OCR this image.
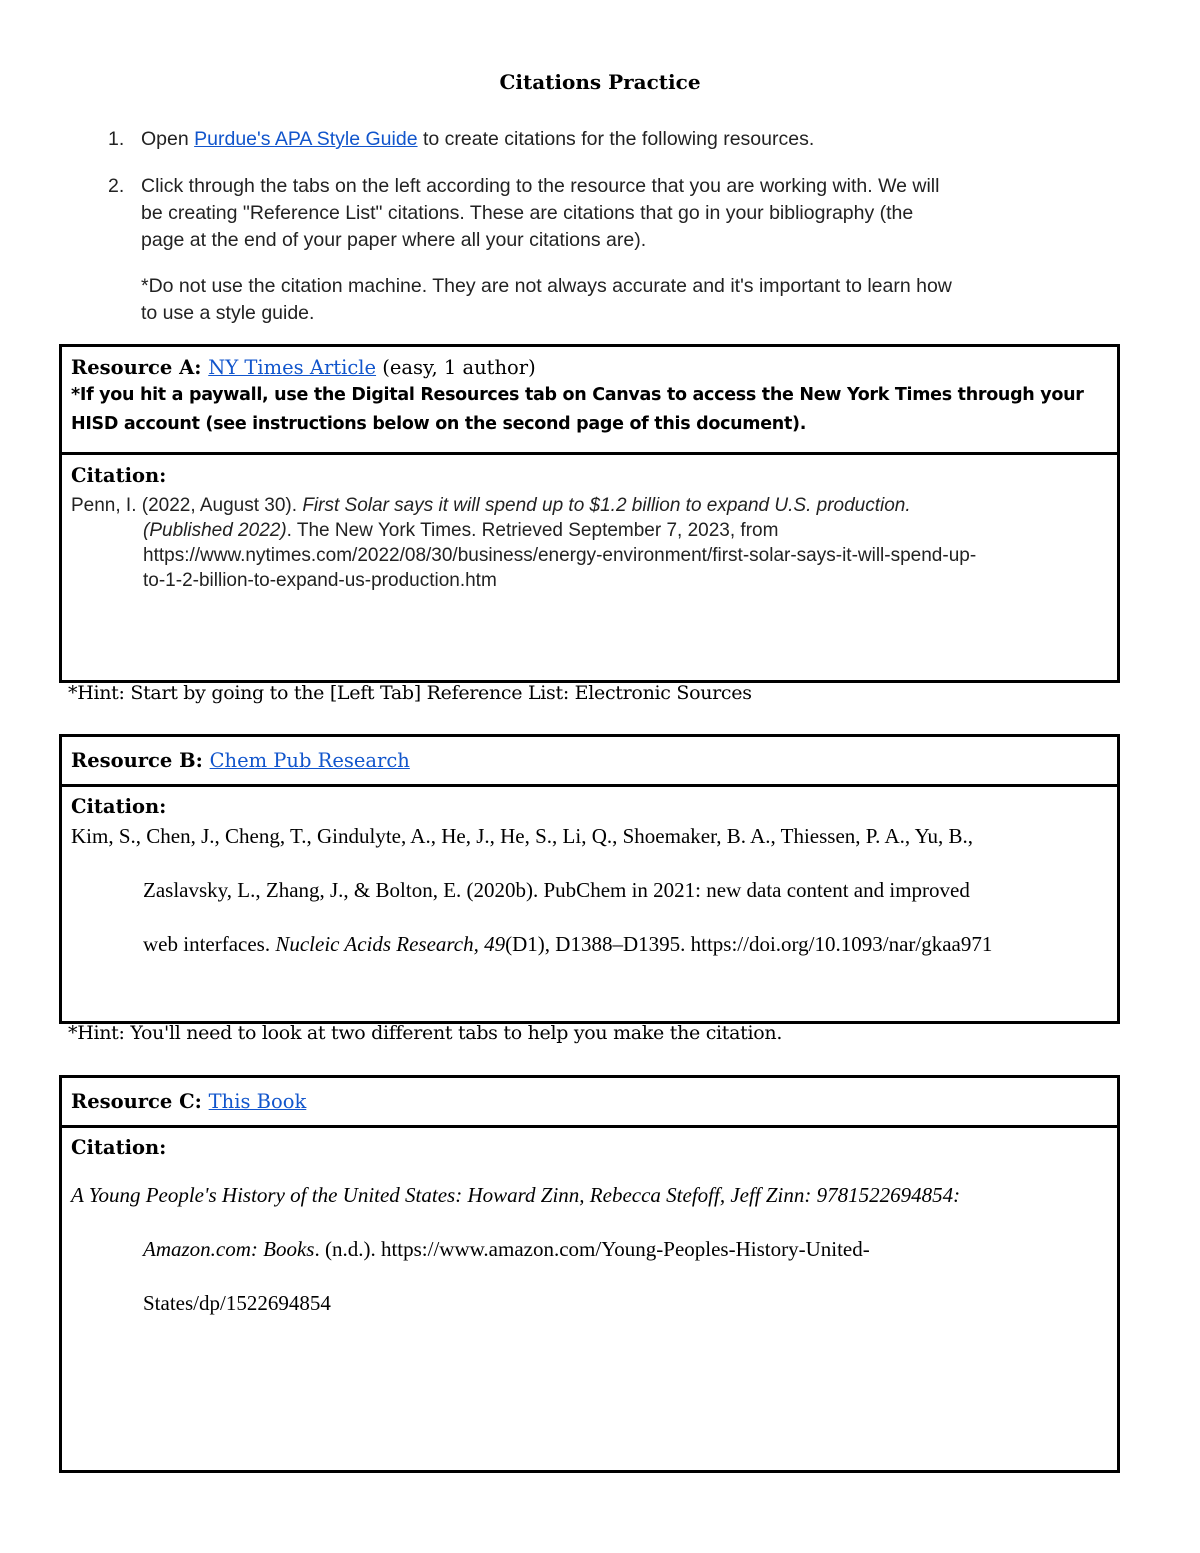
Citations Practice
1. Open Purdue's APA Style Guide to create citations for the following resources.
2. Click through the tabs on the left according to the resource that you are working with. We will
be creating "Reference List" citations. These are citations that go in your bibliography (the
page at the end of your paper where all your citations are).
*Do not use the citation machine. They are not always accurate and it's important to learn how
to use a style guide.
Resource A: NY Times Article (easy, 1 author)
*If you hit a paywall, use the Digital Resources tab on Canvas to access the New York Times through your
HISD account (see instructions below on the second page of this document).
Citation:
Penn, I. (2022, August 30). First Solar says it will spend up to $1.2 billion to expand U.S. production.
(Published 2022). The New York Times. Retrieved September 7, 2023, from
https://www.nytimes.com/2022/08/30/business/energy-environment/first-solar-says-it-will-spend-up-
to-1-2-billion-to-expand-us-production.htm
*Hint: Start by going to the [Left Tab] Reference List: Electronic Sources
Resource B: Chem Pub Research
Citation:
Kim, S., Chen, J., Cheng, T., Gindulyte, A., He, J., He, S., Li, Q., Shoemaker, B. A., Thiessen, P. A., Yu, B.,
Zaslavsky, L., Zhang, J., & Bolton, E. (2020b). PubChem in 2021: new data content and improved
web interfaces. Nucleic Acids Research, 49(D1), D1388–D1395. https://doi.org/10.1093/nar/gkaa971
*Hint: You'll need to look at two different tabs to help you make the citation.
Resource C: This Book
Citation:
A Young People's History of the United States: Howard Zinn, Rebecca Stefoff, Jeff Zinn: 9781522694854:
Amazon.com: Books. (n.d.). https://www.amazon.com/Young-Peoples-History-United-
States/dp/1522694854
